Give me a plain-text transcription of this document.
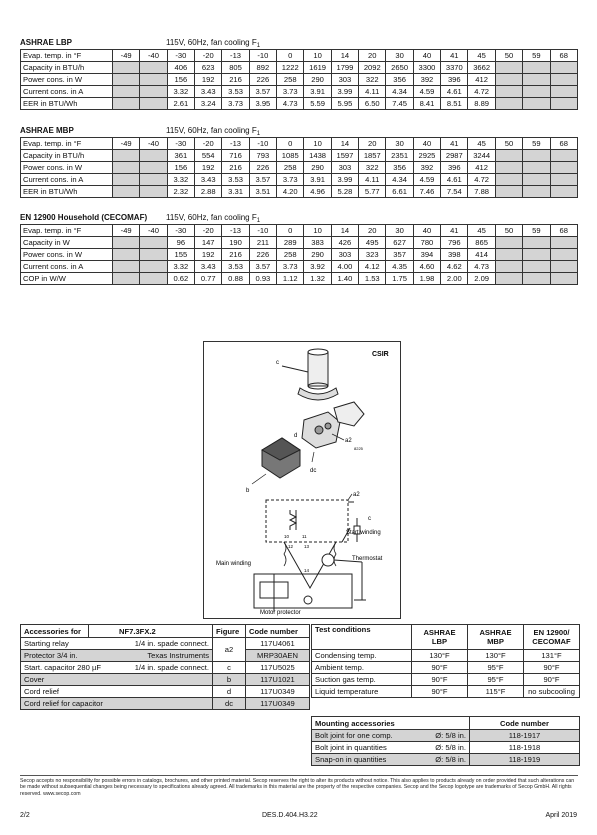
ASHRAE LBP	115V, 60Hz, fan cooling $F_1$
Evap. temp. in °F	-49	-40	-30	-20	-13	-10	0	10	14	20	30	40	41	45	50	59	68
Capacity in BTU/h			406	623	805	892	1222	1619	1799	2092	2650	3300	3370	3662			
Power cons. in W			156	192	216	226	258	290	303	322	356	392	396	412			
Current cons. in A			3.32	3.43	3.53	3.57	3.73	3.91	3.99	4.11	4.34	4.59	4.61	4.72			
EER in BTU/Wh			2.61	3.24	3.73	3.95	4.73	5.59	5.95	6.50	7.45	8.41	8.51	8.89			
ASHRAE MBP	115V, 60Hz, fan cooling $F_1$
Evap. temp. in °F	-49	-40	-30	-20	-13	-10	0	10	14	20	30	40	41	45	50	59	68
Capacity in BTU/h			361	554	716	793	1085	1438	1597	1857	2351	2925	2987	3244			
Power cons. in W			156	192	216	226	258	290	303	322	356	392	396	412			
Current cons. in A			3.32	3.43	3.53	3.57	3.73	3.91	3.99	4.11	4.34	4.59	4.61	4.72			
EER in BTU/Wh			2.32	2.88	3.31	3.51	4.20	4.96	5.28	5.77	6.61	7.46	7.54	7.88			
EN 12900 Household (CECOMAF) 115V, 60Hz, fan cooling $F_1$
Evap. temp. in °F	-49	-40	-30	-20	-13	-10	0	10	14	20	30	40	41	45	50	59	68
Capacity in W			96	147	190	211	289	383	426	495	627	780	796	865			
Power cons. in W			155	192	216	226	258	290	303	323	357	394	398	414			
Current cons. in A			3.32	3.43	3.53	3.57	3.73	3.92	4.00	4.12	4.35	4.60	4.62	4.73			
COP in W/W			0.62	0.77	0.88	0.93	1.12	1.32	1.40	1.53	1.75	1.98	2.00	2.09			
CSIR
c
a2
8225
d
dc
b
a2
c
10	11
12 13
14
Start winding
Thermostat
Main winding
Motor protector
Accessories for	NF7.3FX.2	Figure	Code number
Starting relay	1/4 in. spade connect.	a2	117U4061
Protector 3/4 in.	Texas Instruments		MRP30AEN
Start. capacitor 280 µF	1/4 in. spade connect.	c	117U5025
Cover		b	117U1021
Cord relief		d	117U0349
Cord relief for capacitor		dc	117U0349
Test conditions	ASHRAE LBP	ASHRAE MBP	EN 12900/ CECOMAF
Condensing temp.	130°F	130°F	131°F
Ambient temp.	90°F	95°F	90°F
Suction gas temp.	90°F	95°F	90°F
Liquid temperature	90°F	115°F	no subcooling
Mounting accessories		Code number
Bolt joint for one comp.	Ø: 5/8 in.	118-1917
Bolt joint in quantities	Ø: 5/8 in.	118-1918
Snap-on in quantities	Ø: 5/8 in.	118-1919
Secop accepts no responsibility for possible errors in catalogs, brochures, and other printed material. Secop reserves the right to alter its products without notice. This also applies to products already on order provided that such alterations can be made without subsequential changes being necessary to specifications already agreed. All trademarks in this material are the property of the respective companies. Secop and the Secop logotype are trademarks of Secop GmbH. All rights reserved. www.secop.com
2/2	DES.D.404.H3.22	April 2019
